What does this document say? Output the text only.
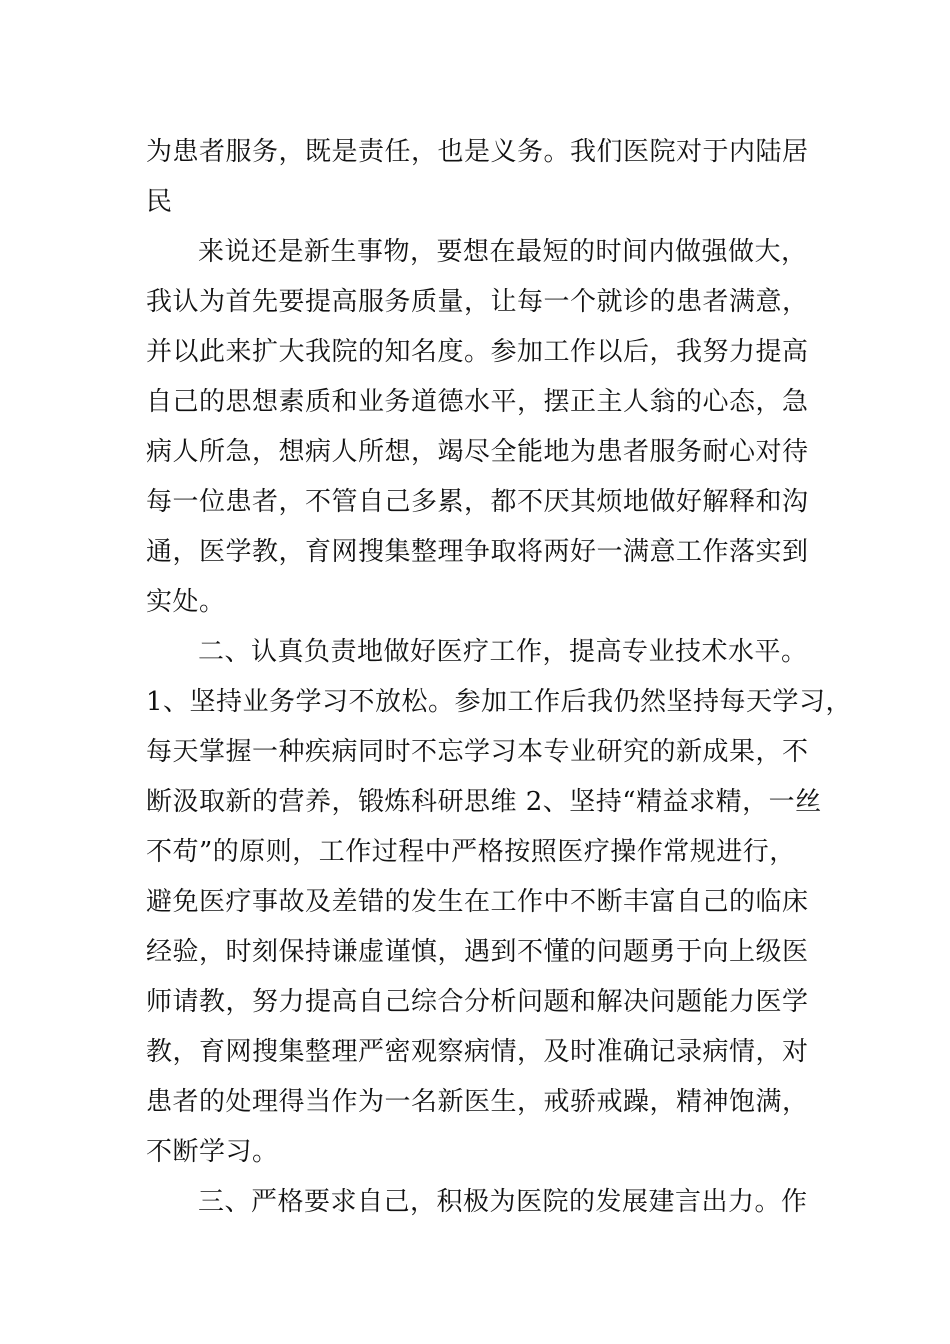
为患者服务，既是责任，也是义务。我们医院对于内陆居
民
来说还是新生事物，要想在最短的时间内做强做大，
我认为首先要提高服务质量，让每一个就诊的患者满意，
并以此来扩大我院的知名度。参加工作以后，我努力提高
自己的思想素质和业务道德水平，摆正主人翁的心态，急
病人所急，想病人所想，竭尽全能地为患者服务耐心对待
每一位患者，不管自己多累，都不厌其烦地做好解释和沟
通，医学教，育网搜集整理争取将两好一满意工作落实到
实处。
二、认真负责地做好医疗工作，提高专业技术水平。
1、坚持业务学习不放松。参加工作后我仍然坚持每天学习，
每天掌握一种疾病同时不忘学习本专业研究的新成果，不
断汲取新的营养，锻炼科研思维 2、坚持“精益求精，一丝
不苟”的原则，工作过程中严格按照医疗操作常规进行，
避免医疗事故及差错的发生在工作中不断丰富自己的临床
经验，时刻保持谦虚谨慎，遇到不懂的问题勇于向上级医
师请教，努力提高自己综合分析问题和解决问题能力医学
教，育网搜集整理严密观察病情，及时准确记录病情，对
患者的处理得当作为一名新医生，戒骄戒躁，精神饱满，
不断学习。
三、严格要求自己，积极为医院的发展建言出力。作
